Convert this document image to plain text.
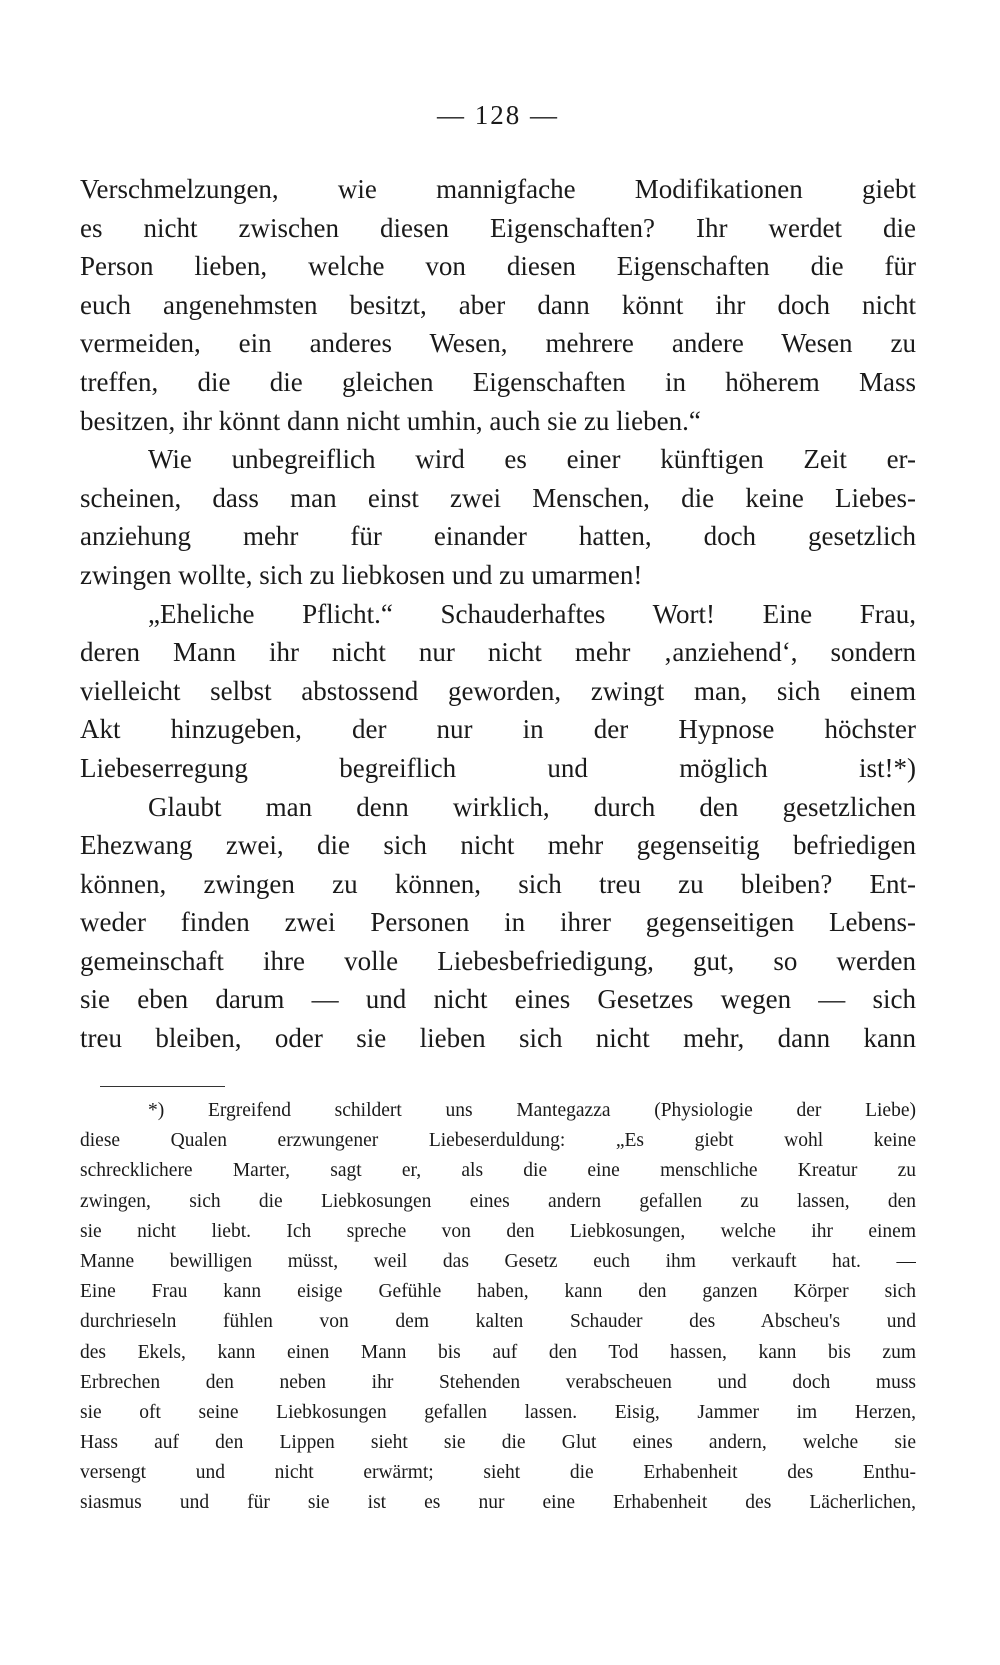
— 128 —
Verschmelzungen, wie mannigfache Modifikationen giebt
es nicht zwischen diesen Eigenschaften? Ihr werdet die
Person lieben, welche von diesen Eigenschaften die für
euch angenehmsten besitzt, aber dann könnt ihr doch nicht
vermeiden, ein anderes Wesen, mehrere andere Wesen zu
treffen, die die gleichen Eigenschaften in höherem Mass
besitzen, ihr könnt dann nicht umhin, auch sie zu lieben.“
Wie unbegreiflich wird es einer künftigen Zeit er-
scheinen, dass man einst zwei Menschen, die keine Liebes-
anziehung mehr für einander hatten, doch gesetzlich
zwingen wollte, sich zu liebkosen und zu umarmen!
„Eheliche Pflicht.“ Schauderhaftes Wort! Eine Frau,
deren Mann ihr nicht nur nicht mehr ‚anziehend‘, sondern
vielleicht selbst abstossend geworden, zwingt man, sich einem
Akt hinzugeben, der nur in der Hypnose höchster
Liebeserregung begreiflich und möglich ist!*)
Glaubt man denn wirklich, durch den gesetzlichen
Ehezwang zwei, die sich nicht mehr gegenseitig befriedigen
können, zwingen zu können, sich treu zu bleiben? Ent-
weder finden zwei Personen in ihrer gegenseitigen Lebens-
gemeinschaft ihre volle Liebesbefriedigung, gut, so werden
sie eben darum — und nicht eines Gesetzes wegen — sich
treu bleiben, oder sie lieben sich nicht mehr, dann kann
*) Ergreifend schildert uns Mantegazza (Physiologie der Liebe)
diese Qualen erzwungener Liebeserduldung: „Es giebt wohl keine
schrecklichere Marter, sagt er, als die eine menschliche Kreatur zu
zwingen, sich die Liebkosungen eines andern gefallen zu lassen, den
sie nicht liebt. Ich spreche von den Liebkosungen, welche ihr einem
Manne bewilligen müsst, weil das Gesetz euch ihm verkauft hat. —
Eine Frau kann eisige Gefühle haben, kann den ganzen Körper sich
durchrieseln fühlen von dem kalten Schauder des Abscheu's und
des Ekels, kann einen Mann bis auf den Tod hassen, kann bis zum
Erbrechen den neben ihr Stehenden verabscheuen und doch muss
sie oft seine Liebkosungen gefallen lassen. Eisig, Jammer im Herzen,
Hass auf den Lippen sieht sie die Glut eines andern, welche sie
versengt und nicht erwärmt; sieht die Erhabenheit des Enthu-
siasmus und für sie ist es nur eine Erhabenheit des Lächerlichen,
